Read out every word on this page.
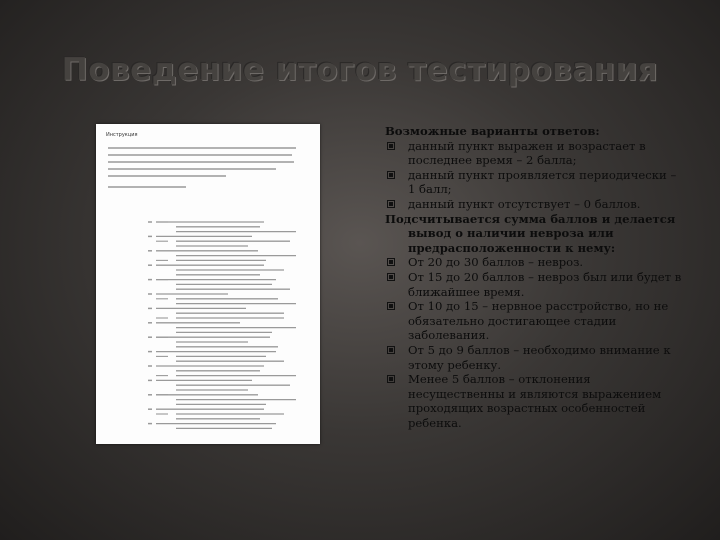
Поведение итогов тестирования
Инструкция	Возможные варианты ответов:
данный пункт выражен и возрастает в последнее время – 2 балла;
данный пункт проявляется периодически – 1 балл;
данный пункт отсутствует – 0 баллов.
Подсчитывается сумма баллов и делается
вывод о наличии невроза или предрасположенности к нему:
От 20 до 30 баллов – невроз.
От 15 до 20 баллов – невроз был или будет в ближайшее время.
От 10 до 15 – нервное расстройство, но не обязательно достигающее стадии заболевания.
От 5 до 9 баллов – необходимо внимание к этому ребенку.
Менее 5 баллов – отклонения несущественны и являются выражением проходящих возрастных особенностей ребенка.
